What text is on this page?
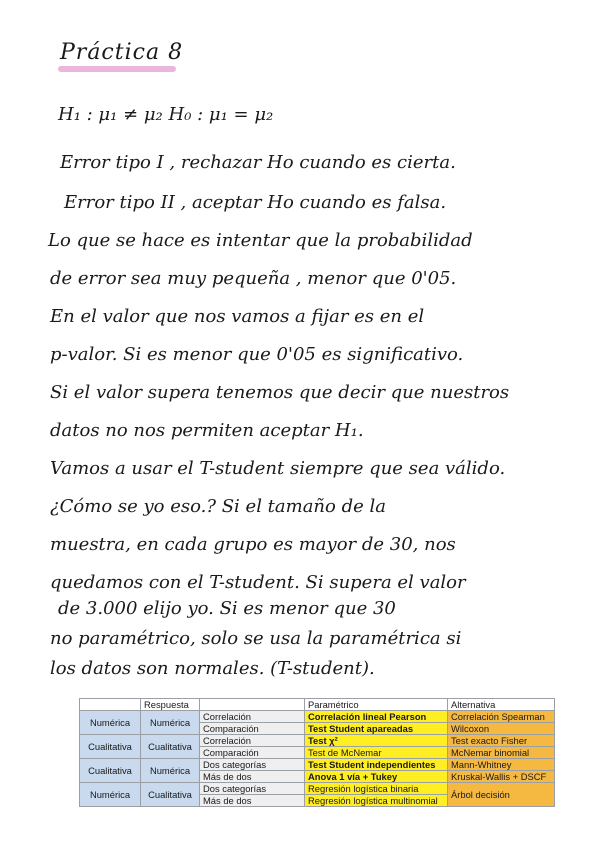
Práctica 8
H₁ : μ₁ ≠ μ₂ H₀ : μ₁ = μ₂
Error tipo I , rechazar Ho cuando es cierta.
Error tipo II , aceptar Ho cuando es falsa.
Lo que se hace es intentar que la probabilidad
de error sea muy pequeña , menor que 0'05.
En el valor que nos vamos a fijar es en el
p-valor. Si es menor que 0'05 es significativo.
Si el valor supera tenemos que decir que nuestros
datos no nos permiten aceptar H₁.
Vamos a usar el T-student siempre que sea válido.
¿Cómo se yo eso.? Si el tamaño de la
muestra, en cada grupo es mayor de 30, nos
quedamos con el T-student. Si supera el valor
de 3.000 elijo yo. Si es menor que 30
no paramétrico, solo se usa la paramétrica si
los datos son normales. (T-student).
	Respuesta		Paramétrico	Alternativa
Numérica	Numérica	Correlación	Correlación lineal Pearson	Correlación Spearman
		Comparación	Test Student apareadas	Wilcoxon
Cualitativa	Cualitativa	Correlación	Test χ²	Test exacto Fisher
		Comparación	Test de McNemar	McNemar binomial
Cualitativa	Numérica	Dos categorías	Test Student independientes	Mann-Whitney
		Más de dos	Anova 1 vía + Tukey	Kruskal-Wallis + DSCF
Numérica	Cualitativa	Dos categorías	Regresión logística binaria	Árbol decisión
		Más de dos	Regresión logística multinomial	
